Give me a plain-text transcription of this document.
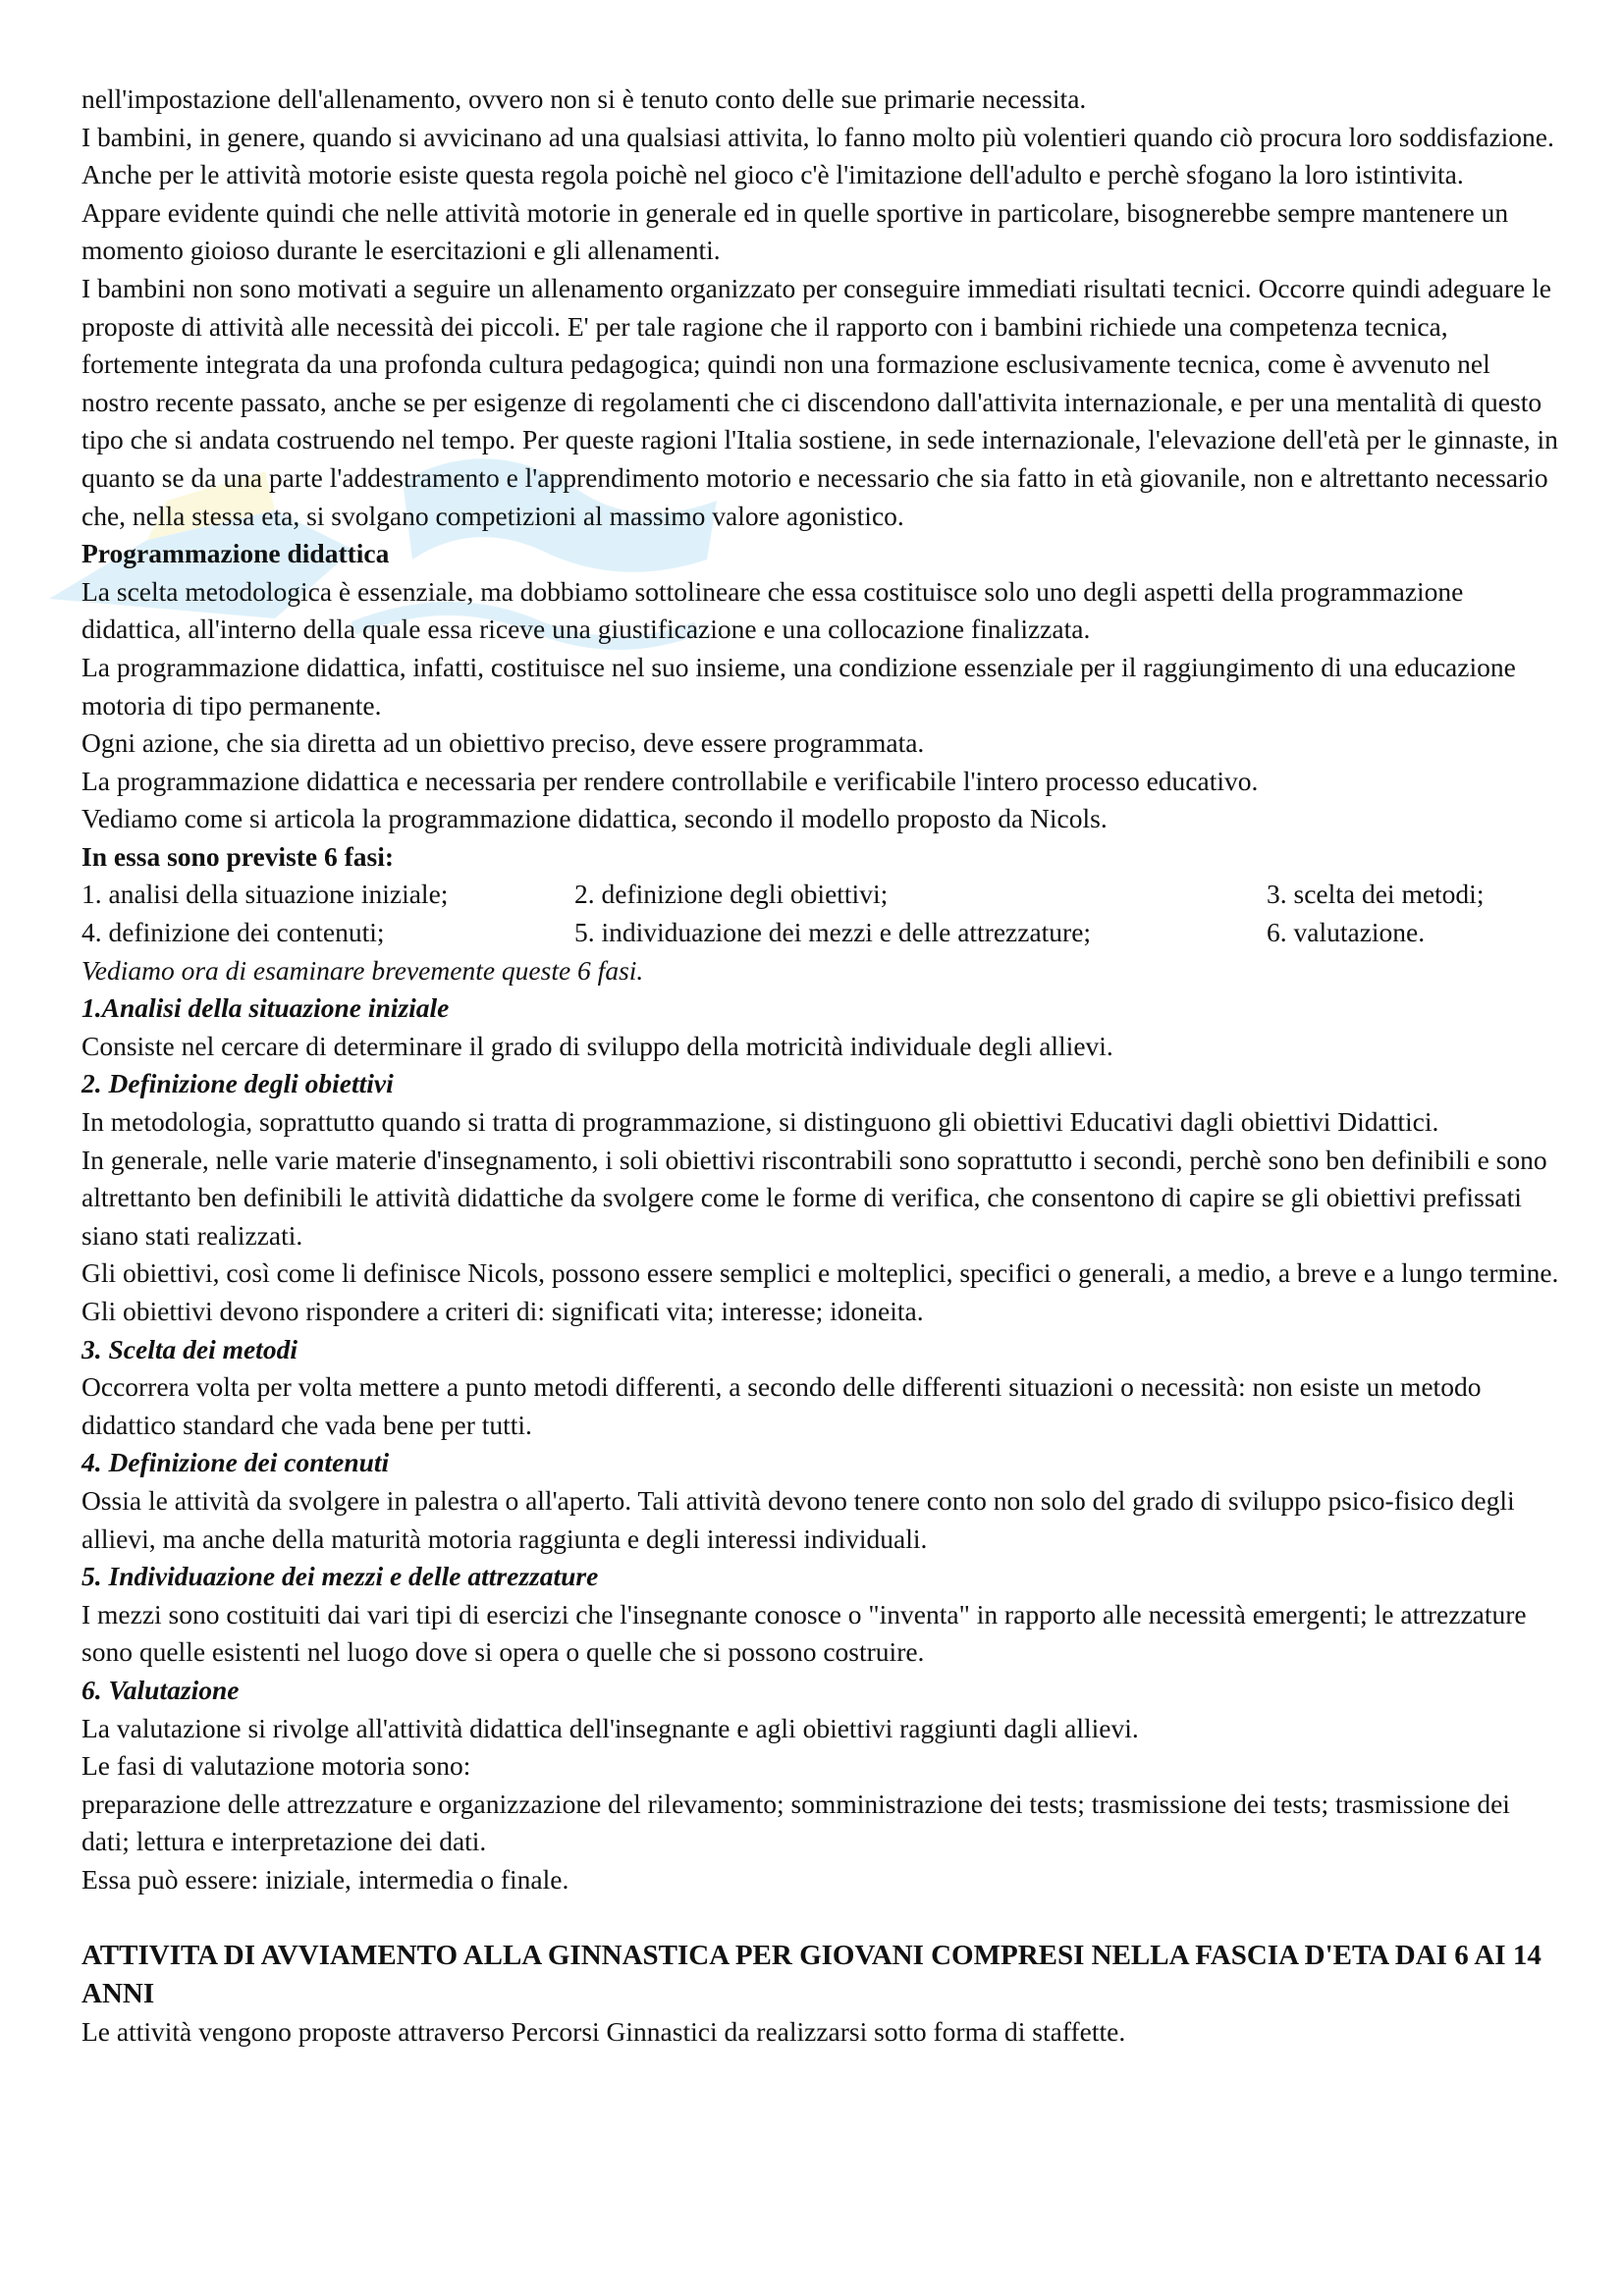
nell'impostazione dell'allenamento, ovvero non si è tenuto conto delle sue primarie necessita.

I bambini, in genere, quando si avvicinano ad una qualsiasi attivita, lo fanno molto più volentieri quando ciò procura loro soddisfazione. Anche per le attività motorie esiste questa regola poichè nel gioco c'è l'imitazione dell'adulto e perchè sfogano la loro istintivita.

Appare evidente quindi che nelle attività motorie in generale ed in quelle sportive in particolare, bisognerebbe sempre mantenere un momento gioioso durante le esercitazioni e gli allenamenti.

I bambini non sono motivati a seguire un allenamento organizzato per conseguire immediati risultati tecnici. Occorre quindi adeguare le proposte di attività alle necessità dei piccoli. E' per tale ragione che il rapporto con i bambini richiede una competenza tecnica, fortemente integrata da una profonda cultura pedagogica; quindi non una formazione esclusivamente tecnica, come è avvenuto nel nostro recente passato, anche se per esigenze di regolamenti che ci discendono dall'attivita internazionale, e per una mentalità di questo tipo che si andata costruendo nel tempo. Per queste ragioni l'Italia sostiene, in sede internazionale, l'elevazione dell'età per le ginnaste, in quanto se da una parte l'addestramento e l'apprendimento motorio e necessario che sia fatto in età giovanile, non e altrettanto necessario che, nella stessa eta, si svolgano competizioni al massimo valore agonistico.

Programmazione didattica

La scelta metodologica è essenziale, ma dobbiamo sottolineare che essa costituisce solo uno degli aspetti della programmazione didattica, all'interno della quale essa riceve una giustificazione e una collocazione finalizzata.

La programmazione didattica, infatti, costituisce nel suo insieme, una condizione essenziale per il raggiungimento di una educazione motoria di tipo permanente.

Ogni azione, che sia diretta ad un obiettivo preciso, deve essere programmata.

La programmazione didattica e necessaria per rendere controllabile e verificabile l'intero processo educativo.

Vediamo come si articola la programmazione didattica, secondo il modello proposto da Nicols.

In essa sono previste 6 fasi:

1. analisi della situazione iniziale;	2. definizione degli obiettivi;	3. scelta dei metodi;
4. definizione dei contenuti;	5. individuazione dei mezzi e delle attrezzature;	6. valutazione.

Vediamo ora di esaminare brevemente queste 6 fasi.

1.Analisi della situazione iniziale

Consiste nel cercare di determinare il grado di sviluppo della motricità individuale degli allievi.

2. Definizione degli obiettivi

In metodologia, soprattutto quando si tratta di programmazione, si distinguono gli obiettivi Educativi dagli obiettivi Didattici.

In generale, nelle varie materie d'insegnamento, i soli obiettivi riscontrabili sono soprattutto i secondi, perchè sono ben definibili e sono altrettanto ben definibili le attività didattiche da svolgere come le forme di verifica, che consentono di capire se gli obiettivi prefissati siano stati realizzati.

Gli obiettivi, così come li definisce Nicols, possono essere semplici e molteplici, specifici o generali, a medio, a breve e a lungo termine. Gli obiettivi devono rispondere a criteri di: significati vita; interesse; idoneita.

3. Scelta dei metodi

Occorrera volta per volta mettere a punto metodi differenti, a secondo delle differenti situazioni o necessità: non esiste un metodo didattico standard che vada bene per tutti.

4. Definizione dei contenuti

Ossia le attività da svolgere in palestra o all'aperto. Tali attività devono tenere conto non solo del grado di sviluppo psico-fisico degli allievi, ma anche della maturità motoria raggiunta e degli interessi individuali.

5. Individuazione dei mezzi e delle attrezzature

I mezzi sono costituiti dai vari tipi di esercizi che l'insegnante conosce o "inventa" in rapporto alle necessità emergenti; le attrezzature sono quelle esistenti nel luogo dove si opera o quelle che si possono costruire.

6. Valutazione

La valutazione si rivolge all'attività didattica dell'insegnante e agli obiettivi raggiunti dagli allievi.

Le fasi di valutazione motoria sono:

preparazione delle attrezzature e organizzazione del rilevamento; somministrazione dei tests; trasmissione dei tests; trasmissione dei dati; lettura e interpretazione dei dati.

Essa può essere: iniziale, intermedia o finale.

ATTIVITA DI AVVIAMENTO ALLA GINNASTICA PER GIOVANI COMPRESI NELLA FASCIA D'ETA DAI 6 AI 14 ANNI

Le attività vengono proposte attraverso Percorsi Ginnastici da realizzarsi sotto forma di staffette.
